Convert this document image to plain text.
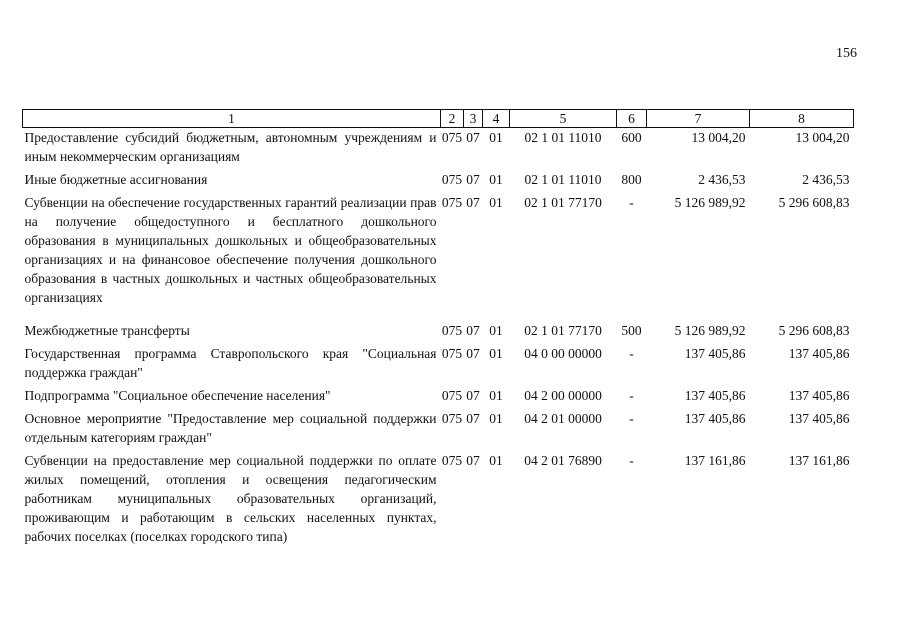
156
1	2	3	4	5	6	7	8
Предоставление субсидий бюджетным, автономным учреждениям и иным некоммерческим организациям	075	07	01	02 1 01 11010	600	13 004,20	13 004,20
Иные бюджетные ассигнования	075	07	01	02 1 01 11010	800	2 436,53	2 436,53
Субвенции на обеспечение государственных гарантий реализации прав на получение общедоступного и бесплатного дошкольного образования в муниципальных дошкольных и общеобразовательных организациях и на финансовое обеспечение получения дошкольного образования в частных дошкольных и частных общеобразовательных организациях	075	07	01	02 1 01 77170	-	5 126 989,92	5 296 608,83
Межбюджетные трансферты	075	07	01	02 1 01 77170	500	5 126 989,92	5 296 608,83
Государственная программа Ставропольского края "Социальная поддержка граждан"	075	07	01	04 0 00 00000	-	137 405,86	137 405,86
Подпрограмма "Социальное обеспечение населения"	075	07	01	04 2 00 00000	-	137 405,86	137 405,86
Основное мероприятие "Предоставление мер социальной поддержки отдельным категориям граждан"	075	07	01	04 2 01 00000	-	137 405,86	137 405,86
Субвенции на предоставление мер социальной поддержки по оплате жилых помещений, отопления и освещения педагогическим работникам муниципальных образовательных организаций, проживающим и работающим в сельских населенных пунктах, рабочих поселках (поселках городского типа)	075	07	01	04 2 01 76890	-	137 161,86	137 161,86
